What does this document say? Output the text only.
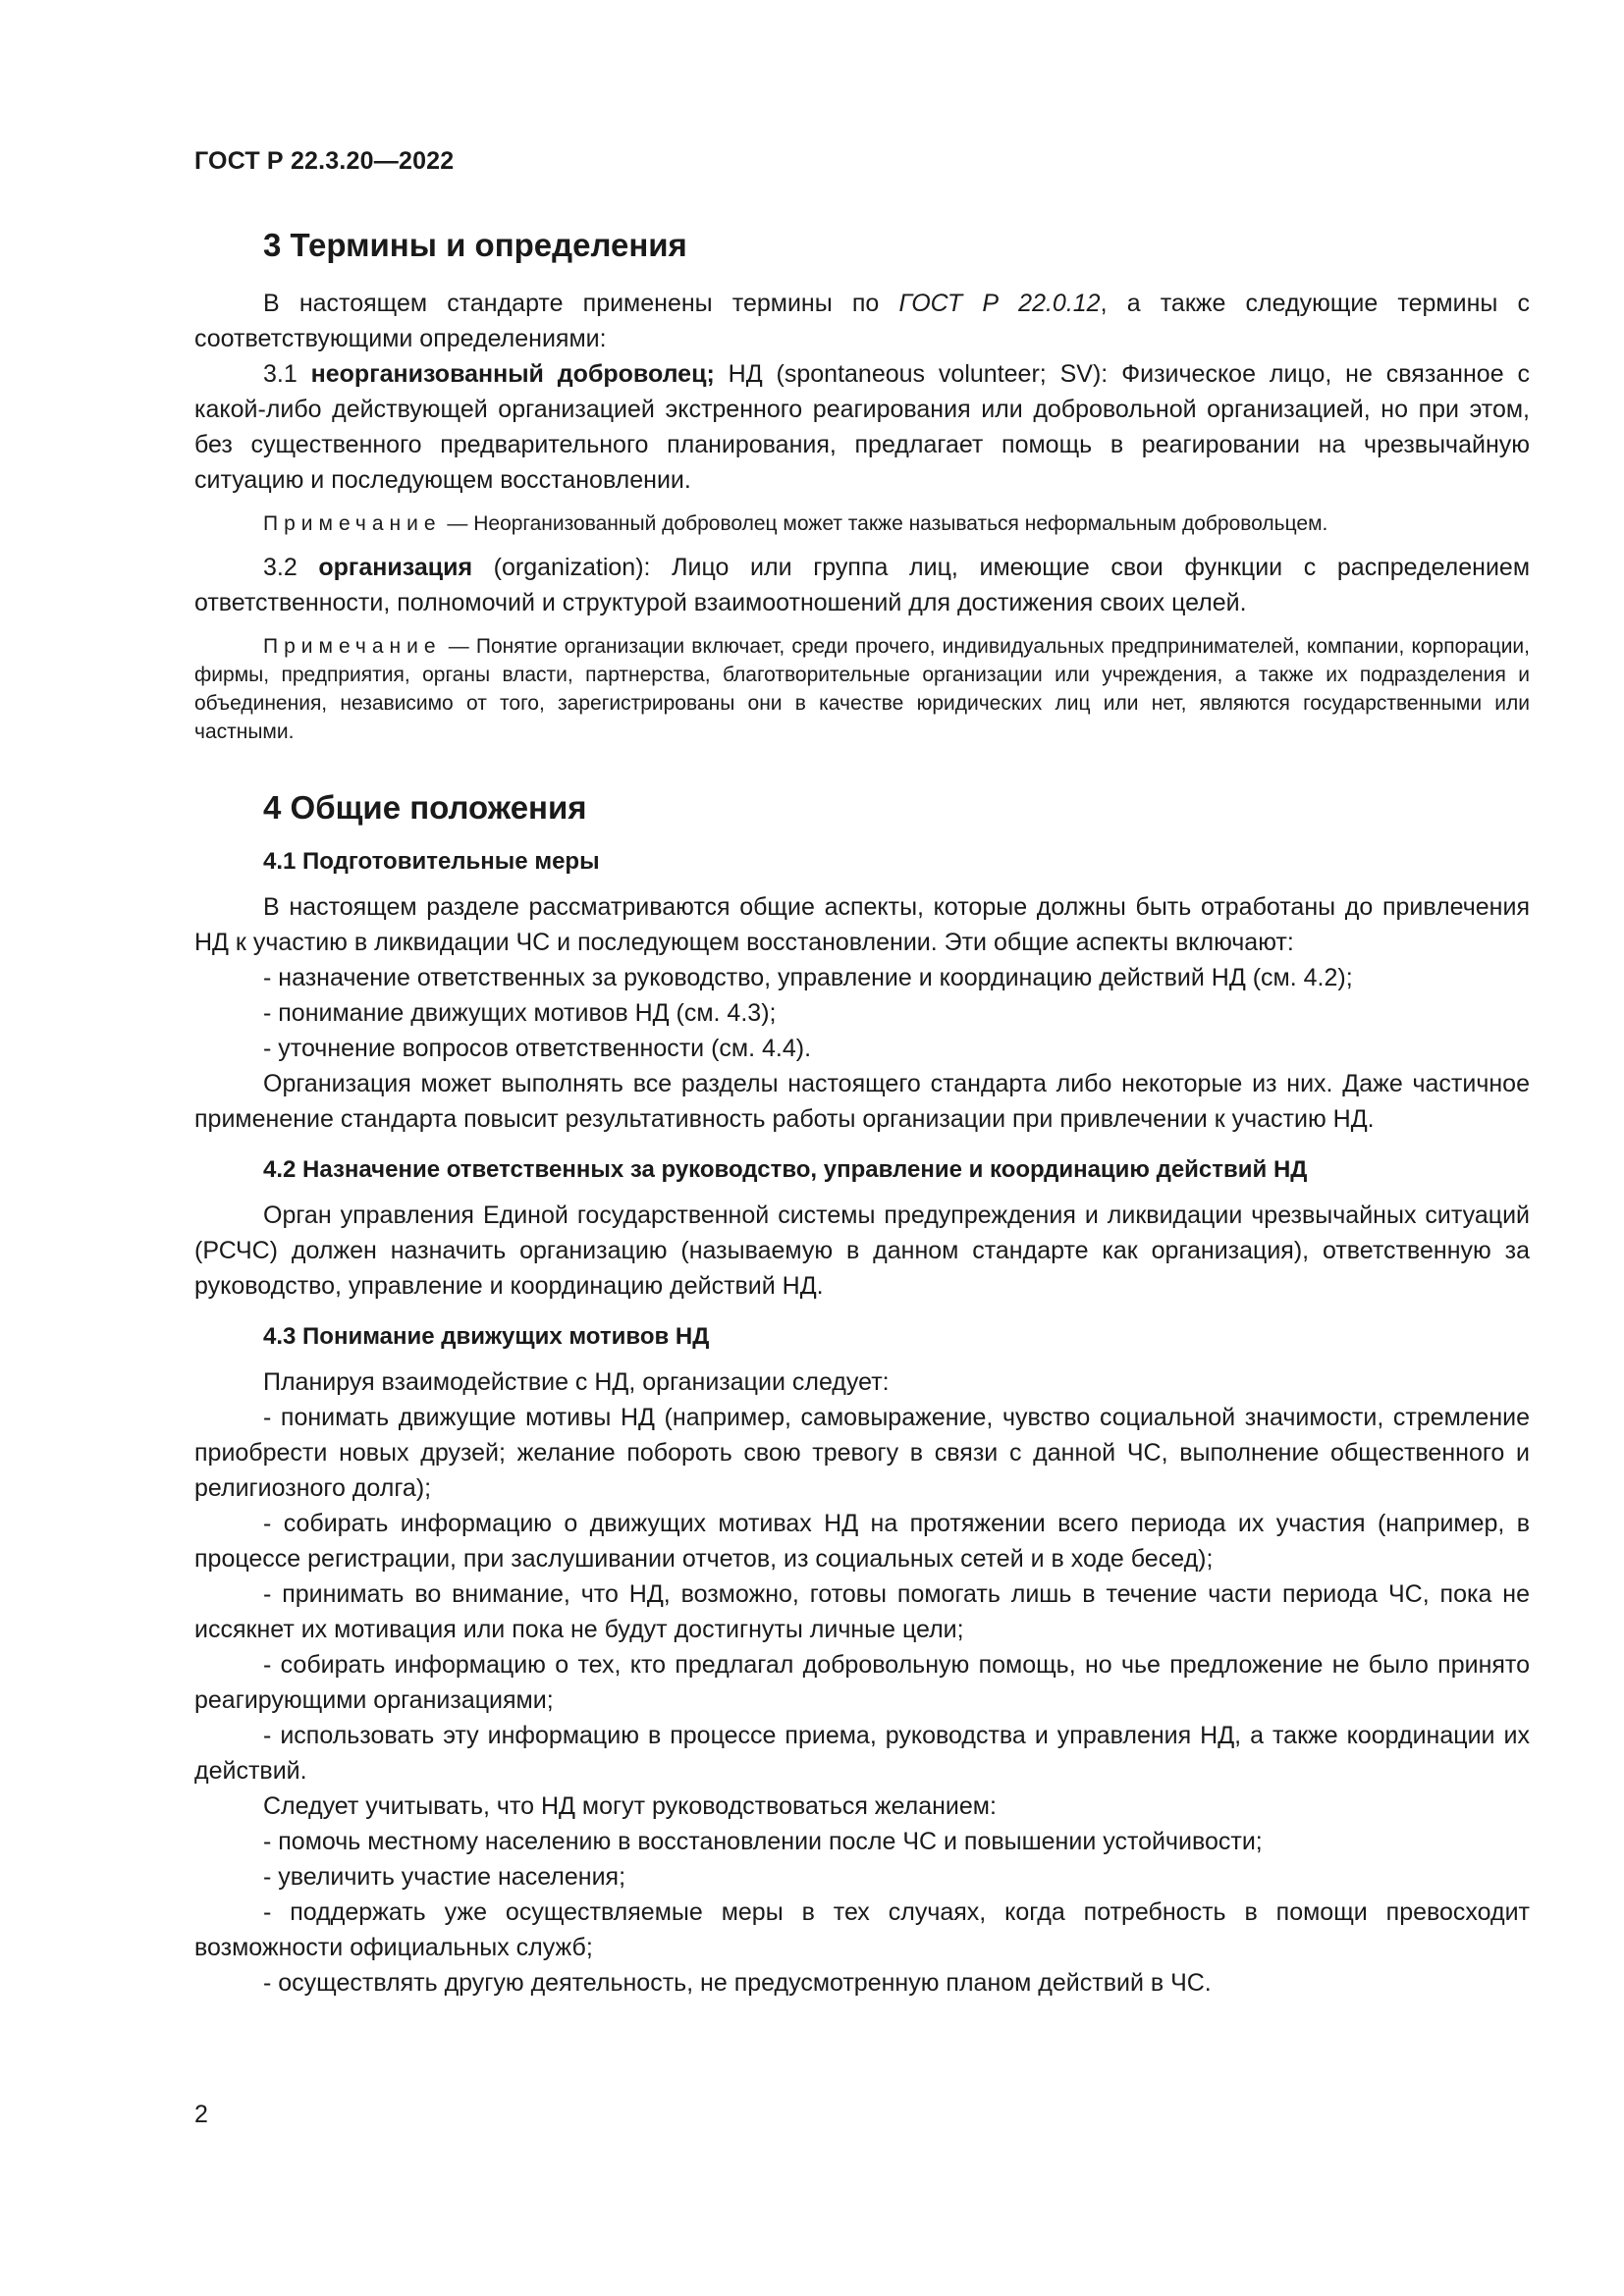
ГОСТ Р 22.3.20—2022
3 Термины и определения

В настоящем стандарте применены термины по ГОСТ Р 22.0.12, а также следующие термины с соответствующими определениями:

3.1 неорганизованный доброволец; НД (spontaneous volunteer; SV): Физическое лицо, не связанное с какой-либо действующей организацией экстренного реагирования или добровольной организацией, но при этом, без существенного предварительного планирования, предлагает помощь в реагировании на чрезвычайную ситуацию и последующем восстановлении.

Примечание — Неорганизованный доброволец может также называться неформальным добровольцем.

3.2 организация (organization): Лицо или группа лиц, имеющие свои функции с распределением ответственности, полномочий и структурой взаимоотношений для достижения своих целей.

Примечание — Понятие организации включает, среди прочего, индивидуальных предпринимателей, компании, корпорации, фирмы, предприятия, органы власти, партнерства, благотворительные организации или учреждения, а также их подразделения и объединения, независимо от того, зарегистрированы они в качестве юридических лиц или нет, являются государственными или частными.

4 Общие положения
4.1 Подготовительные меры

В настоящем разделе рассматриваются общие аспекты, которые должны быть отработаны до привлечения НД к участию в ликвидации ЧС и последующем восстановлении. Эти общие аспекты включают:

- назначение ответственных за руководство, управление и координацию действий НД (см. 4.2);

- понимание движущих мотивов НД (см. 4.3);

- уточнение вопросов ответственности (см. 4.4).

Организация может выполнять все разделы настоящего стандарта либо некоторые из них. Даже частичное применение стандарта повысит результативность работы организации при привлечении к участию НД.

4.2 Назначение ответственных за руководство, управление и координацию действий НД

Орган управления Единой государственной системы предупреждения и ликвидации чрезвычайных ситуаций (РСЧС) должен назначить организацию (называемую в данном стандарте как организация), ответственную за руководство, управление и координацию действий НД.

4.3 Понимание движущих мотивов НД

Планируя взаимодействие с НД, организации следует:

- понимать движущие мотивы НД (например, самовыражение, чувство социальной значимости, стремление приобрести новых друзей; желание побороть свою тревогу в связи с данной ЧС, выполнение общественного и религиозного долга);

- собирать информацию о движущих мотивах НД на протяжении всего периода их участия (например, в процессе регистрации, при заслушивании отчетов, из социальных сетей и в ходе бесед);

- принимать во внимание, что НД, возможно, готовы помогать лишь в течение части периода ЧС, пока не иссякнет их мотивация или пока не будут достигнуты личные цели;

- собирать информацию о тех, кто предлагал добровольную помощь, но чье предложение не было принято реагирующими организациями;

- использовать эту информацию в процессе приема, руководства и управления НД, а также координации их действий.

Следует учитывать, что НД могут руководствоваться желанием:

- помочь местному населению в восстановлении после ЧС и повышении устойчивости;

- увеличить участие населения;

- поддержать уже осуществляемые меры в тех случаях, когда потребность в помощи превосходит возможности официальных служб;

- осуществлять другую деятельность, не предусмотренную планом действий в ЧС.

2
